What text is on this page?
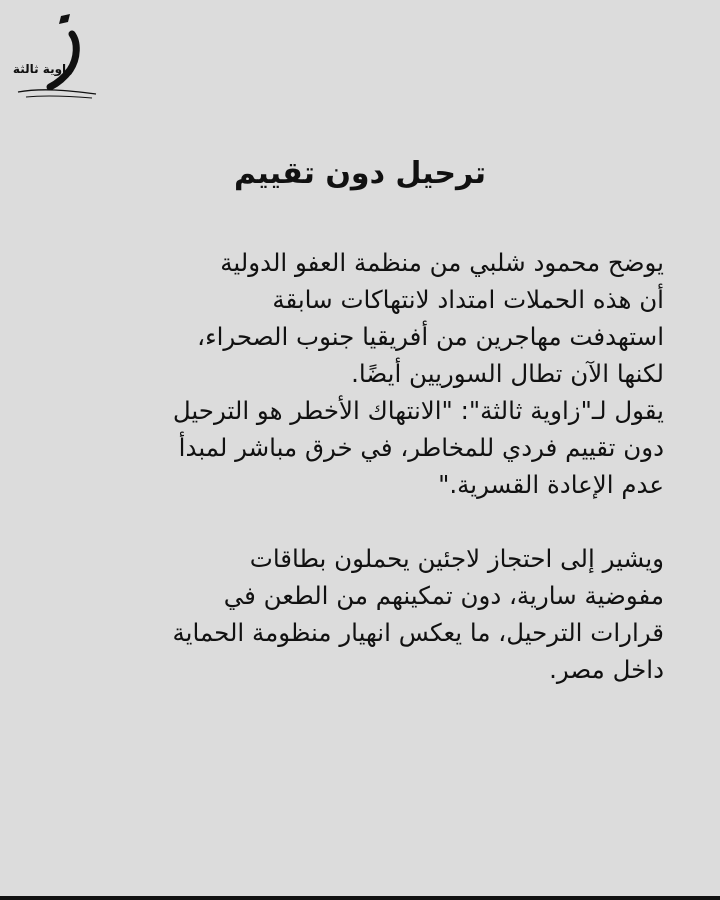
زاوية ثالثة
ترحيل دون تقييم

يوضح محمود شلبي من منظمة العفو الدولية
أن هذه الحملات امتداد لانتهاكات سابقة
استهدفت مهاجرين من أفريقيا جنوب الصحراء،
لكنها الآن تطال السوريين أيضًا.

يقول لـ"زاوية ثالثة": "الانتهاك الأخطر هو الترحيل
دون تقييم فردي للمخاطر، في خرق مباشر لمبدأ
عدم الإعادة القسرية."

ويشير إلى احتجاز لاجئين يحملون بطاقات
مفوضية سارية، دون تمكينهم من الطعن في
قرارات الترحيل، ما يعكس انهيار منظومة الحماية
داخل مصر.
